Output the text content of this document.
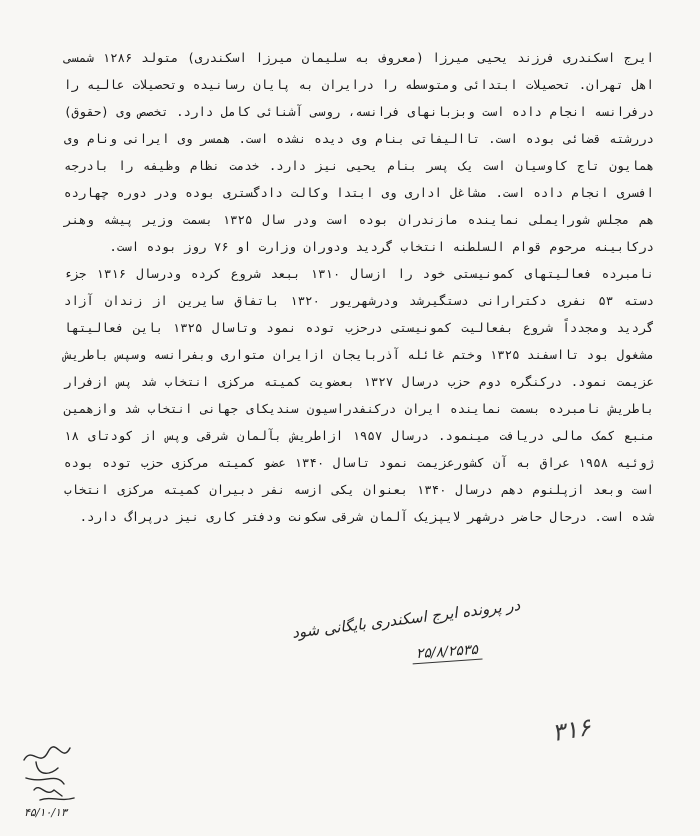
ایرج اسکندری فرزند یحیی میرزا (معروف به سلیمان میرزا اسکندری) متولد ۱۲۸۶ شمسی اهل تهران. تحصیلات ابتدائی ومتوسطه را درایران به پایان رسانیده وتحصیلات عالیه را درفرانسه انجام داده است وبزبانهای فرانسه، روسی آشنائی کامل دارد. تخصص وی (حقوق) دررشته قضائی بوده است. تاالیفاتی بنام وی دیده نشده است. همسر وی ایرانی ونام وی همایون تاج کاوسیان است یک پسر بنام یحیی نیز دارد. خدمت نظام وظیفه را بادرجه افسری انجام داده است. مشاغل اداری وی ابتدا وکالت دادگستری بوده ودر دوره چهارده هم مجلس شورایملی نماینده مازندران بوده است ودر سال ۱۳۲۵ بسمت وزیر پیشه وهنر درکابینه مرحوم قوام السلطنه انتخاب گردید ودوران وزارت او ۷۶ روز بوده است.

نامبرده فعالیتهای کمونیستی خود را ازسال ۱۳۱۰ ببعد شروع کرده ودرسال ۱۳۱۶ جزء دسته ۵۳ نفری دکترارانی دستگیرشد ودرشهریور ۱۳۲۰ باتفاق سایرین از زندان آزاد گردید ومجدداً شروع بفعالیت کمونیستی درحزب توده نمود وتاسال ۱۳۲۵ باین فعالیتها مشغول بود تااسفند ۱۳۲۵ وختم غائله آذربایجان ازایران متواری وبفرانسه وسپس باطریش عزیمت نمود. درکنگره دوم حزب درسال ۱۳۲۷ بعضویت کمیته مرکزی انتخاب شد پس ازفرار باطریش نامبرده بسمت نماینده ایران درکنفدراسیون سندیکای جهانی انتخاب شد وازهمین منبع کمک مالی دریافت مینمود. درسال ۱۹۵۷ ازاطریش بآلمان شرقی وپس از کودتای ۱۸ ژوئیه ۱۹۵۸ عراق به آن کشورعزیمت نمود تاسال ۱۳۴۰ عضو کمیته مرکزی حزب توده بوده است وبعد ازپلنوم دهم درسال ۱۳۴۰ بعنوان یکی ازسه نفر دبیران کمیته مرکزی انتخاب شده است. درحال حاضر درشهر لایپزیک آلمان شرقی سکونت ودفتر کاری نیز درپراگ دارد.

در پرونده ایرج اسکندری بایگانی شود
۲۵/۸/۲۵۳۵
۳۱۶
۴۵/۱۰/۱۳
